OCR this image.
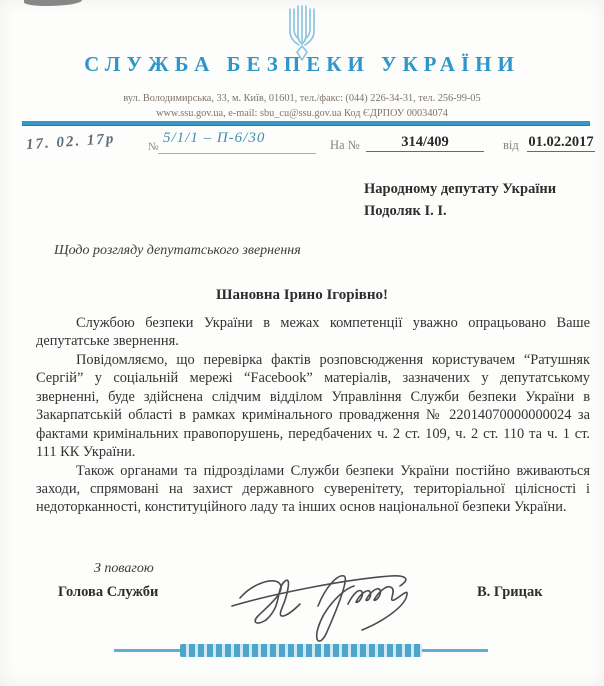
СЛУЖБА БЕЗПЕКИ УКРАЇНИ
вул. Володимирська, 33, м. Київ, 01601, тел./факс: (044) 226-34-31, тел. 256-99-05
www.ssu.gov.ua, e-mail: sbu_cu@ssu.gov.ua Код ЄДРПОУ 00034074
17. 02. 17р	№
5/1/1 – П-6/30	На №	314/409	від 01.02.2017
Народному депутату України
Подоляк І. І.
Щодо розгляду депутатського звернення
Шановна Ірино Ігорівно!

Службою безпеки України в межах компетенції уважно опрацьовано Ваше депутатське звернення.

Повідомляємо, що перевірка фактів розповсюдження користувачем “Ратушняк Сергій” у соціальній мережі “Facebook” матеріалів, зазначених у депутатському зверненні, буде здійснена слідчим відділом Управління Служби безпеки України в Закарпатській області в рамках кримінального провадження № 22014070000000024 за фактами кримінальних правопорушень, передбачених ч. 2 ст. 109, ч. 2 ст. 110 та ч. 1 ст. 111 КК України.

Також органами та підрозділами Служби безпеки України постійно вживаються заходи, спрямовані на захист державного суверенітету, територіальної цілісності і недоторканності, конституційного ладу та інших основ національної безпеки України.

З повагою
Голова Служби	В. Грицак
